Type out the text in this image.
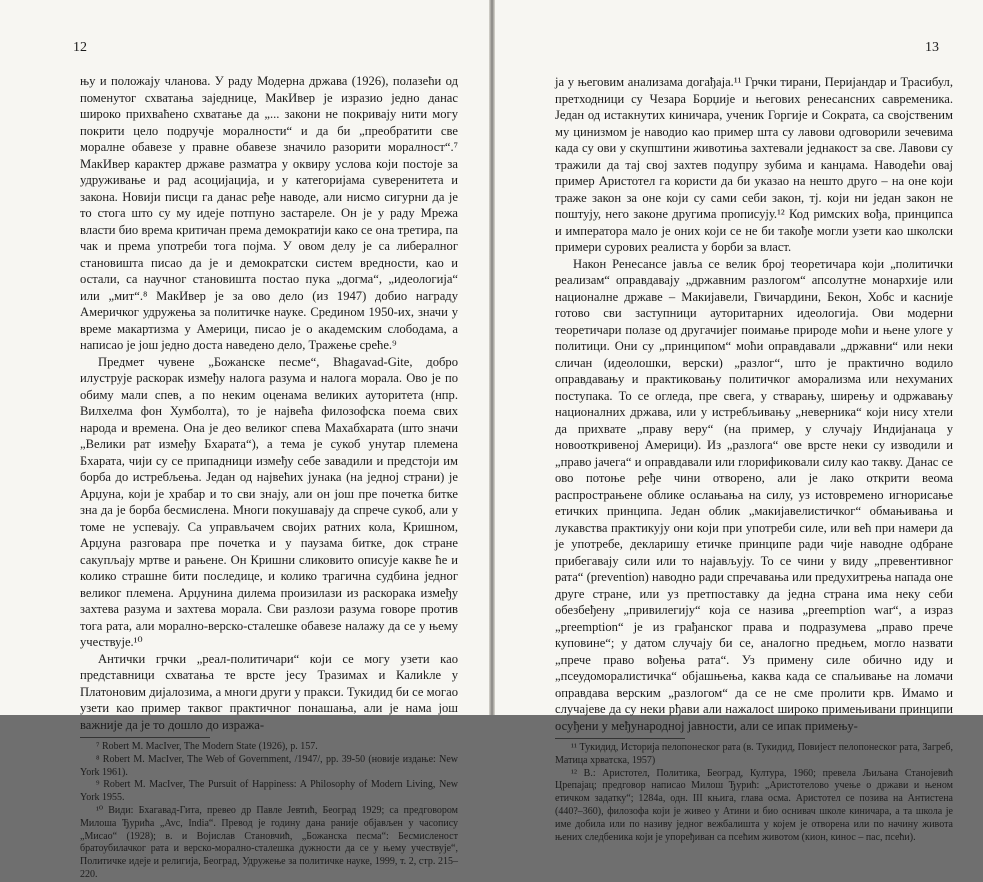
12

њу и положају чланова. У раду Модерна држава (1926), полазећи од поменутог схватања заједнице, МакИвер је изразио једно данас широко прихваћено схватање да „... закони не покривају нити могу покрити цело подручје моралности“ и да би „преобратити све моралне обавезе у правне обавезе значило разорити моралност“.⁷ МакИвер карактер државе разматра у оквиру услова који постоје за удруживање и рад асоцијација, и у категоријама суверенитета и закона. Новији писци га данас ређе наводе, али нисмо сигурни да је то стога што су му идеје потпуно застареле. Он је у раду Мрежа власти био врема критичан према демократији како се она третира, па чак и према употреби тога појма. У овом делу је са либералног становишта писао да је и демократски систем вредности, као и остали, са научног становишта постао пука „догма“, „идеологија“ или „мит“.⁸ МакИвер је за ово дело (из 1947) добио награду Америчког удружења за политичке науке. Срединoм 1950-их, значи у време макартизма у Америци, писао је о академским слободама, а написао је још једно доста наведено дело, Тражење среће.⁹

Предмет чувене „Божанске песме“, Bhagavad-Gite, добро илуструје раскорак између налога разума и налога морала. Ово је по обиму мали спев, а по неким оценама великих ауторитета (нпр. Вилхелма фон Хумболта), то је највећа филозофска поема свих народа и времена. Она је део великог спева Махабхарата (што значи „Велики рат између Бхарата“), а тема је сукоб унутар племена Бхарата, чији су се припадници између себе завадили и предстоји им борба до истребљења. Један од највећих јунака (на једној страни) је Арџуна, који је храбар и то сви знају, али он још пре почетка битке зна да је борба бесмислена. Многи покушавају да спрече сукоб, али у томе не успевају. Са управљачем својих ратних кола, Кришном, Арџуна разговара пре почетка и у паузама битке, док стране сакупљају мртве и рањене. Он Кришни сликовито описује какве ће и колико страшне бити последице, и колико трагична судбина једног великог племена. Арџунина дилема произилази из раскорака између захтева разума и захтева морала. Сви разлози разума говоре против тога рата, али морално-верско-сталешке обавезе налажу да се у њему учествује.¹⁰

Антички грчки „реал-политичари“ који се могу узети као представници схватања те врсте јесу Тразимах и Калиkле у Платоновим дијалозима, а многи други у пракси. Тукидид би се могао узети као пример таквог практичног понашања, али је нама још важније да је то дошло до изража-

⁷ Robert M. MacIver, The Modern State (1926), p. 157.

⁸ Robert M. MacIver, The Web of Government, /1947/, pp. 39-50 (новије издање: New York 1961).

⁹ Robert M. MacIver, The Pursuit of Happiness: A Philosophy of Modern Living, New York 1955.

¹⁰ Види: Бхагавад-Гита, превео др Павле Јевтић, Београд 1929; са предговором Милоша Ђурића „Avc, India“. Превод је годину дана раније објављен у часопису „Мисао“ (1928); в. и Војислав Становчић, „Божанска песма“: Бесмисленост братоубилачког рата и верско-морално-сталешка дужности да се у њему учествује“, Политичке идеје и религија, Београд, Удружење за политичке науке, 1999, т. 2, стр. 215–220.

13

ја у његовим анализама догађаја.¹¹ Грчки тирани, Перијандар и Трасибул, претходници су Чезара Борџије и његових ренесансних савременика. Један од истакнутих киничара, ученик Горгије и Сократа, са својственим му цинизмом је наводио као пример шта су лавови одговорили зечевима када су ови у скупштини животиња захтевали једнакост за све. Лавови су тражили да тај свој захтев подупру зубима и канџама. Наводећи овај пример Аристотел га користи да би указао на нешто друго – на оне који траже закон за оне који су сами себи закон, тј. који ни један закон не поштују, него законе другима прописују.¹² Код римских вођа, принципса и императора мало је оних који се не би такође могли узети као школски примери сурових реалиста у борби за власт.

Након Ренесансе јавља се велик број теоретичара који „политички реализам“ оправдавају „државним разлогом“ апсолутне монархије или националне државе – Макијавели, Гвичардини, Бекон, Хобс и касније готово сви заступници ауторитарних идеологија. Ови модерни теоретичари полазе од другачијег поимање природе моћи и њене улоге у политици. Они су „принципом“ моћи оправдавали „државни“ или неки сличан (идеолошки, верски) „разлог“, што је практично водило оправдавању и практиковању политичког аморализма или нехуманих поступака. То се огледа, пре свега, у стварању, ширењу и одржавању националних држава, или у истребљивању „неверника“ који нису хтели да прихвате „праву веру“ (на пример, у случају Индијанаца у новооткривеној Америци). Из „разлога“ ове врсте неки су изводили и „право јачега“ и оправдавали или глорификовали силу као такву. Данас се ово потоње ређе чини отворено, али је лако открити веома распрострањене облике ослањања на силу, уз истовремено игнорисање етичких принципа. Један облик „макијавелистичког“ обмањивања и лукавства практикују они који при употреби силе, или већ при намери да је употребе, декларишу етичке принципе ради чије наводне одбране прибегавају сили или то најављују. То се чини у виду „превентивног рата“ (prevention) наводно ради спречавања или предухитрења напада оне друге стране, или уз претпоставку да једна страна има неку себи обезбеђену „привилегију“ која се назива „preemption war“, а израз „preemption“ је из грађанског права и подразумева „право пречe куповине“; у датом случају би се, аналогно предњем, могло назвати „пречe право вођења рата“. Уз примену силе обично иду и „псеудоморалистичка“ објашњења, каква када се спаљивање на ломачи оправдава верским „разлогом“ да се не сме пролити крв. Имамо и случајеве да су неки рђави али нажалосt широко примењивани принципи осуђени у међународној јавности, али се ипак примењу-

¹¹ Тукидид, Историја пелопонеског рата (в. Тукидид, Повијест пелопонеског рата, Загреб, Матица хрватска, 1957)

¹² В.: Аристотел, Политика, Београд, Култура, 1960; превела Љиљана Станојевић Црепајац; предговор написао Милош Ђурић: „Аристотелово учење о држави и њеном етичком задатку“; 1284а, одн. III књига, глава осма. Аристотел се позива на Антистена (440?–360), филозофа који је живео у Атини и био оснивач школе киничара, а та школа је име добила или по називу једног вежбалишта у којем је отворена или по начину живота њених следбеника који је упоређиван са псећим животом (кион, кинос – пас, псећи).
